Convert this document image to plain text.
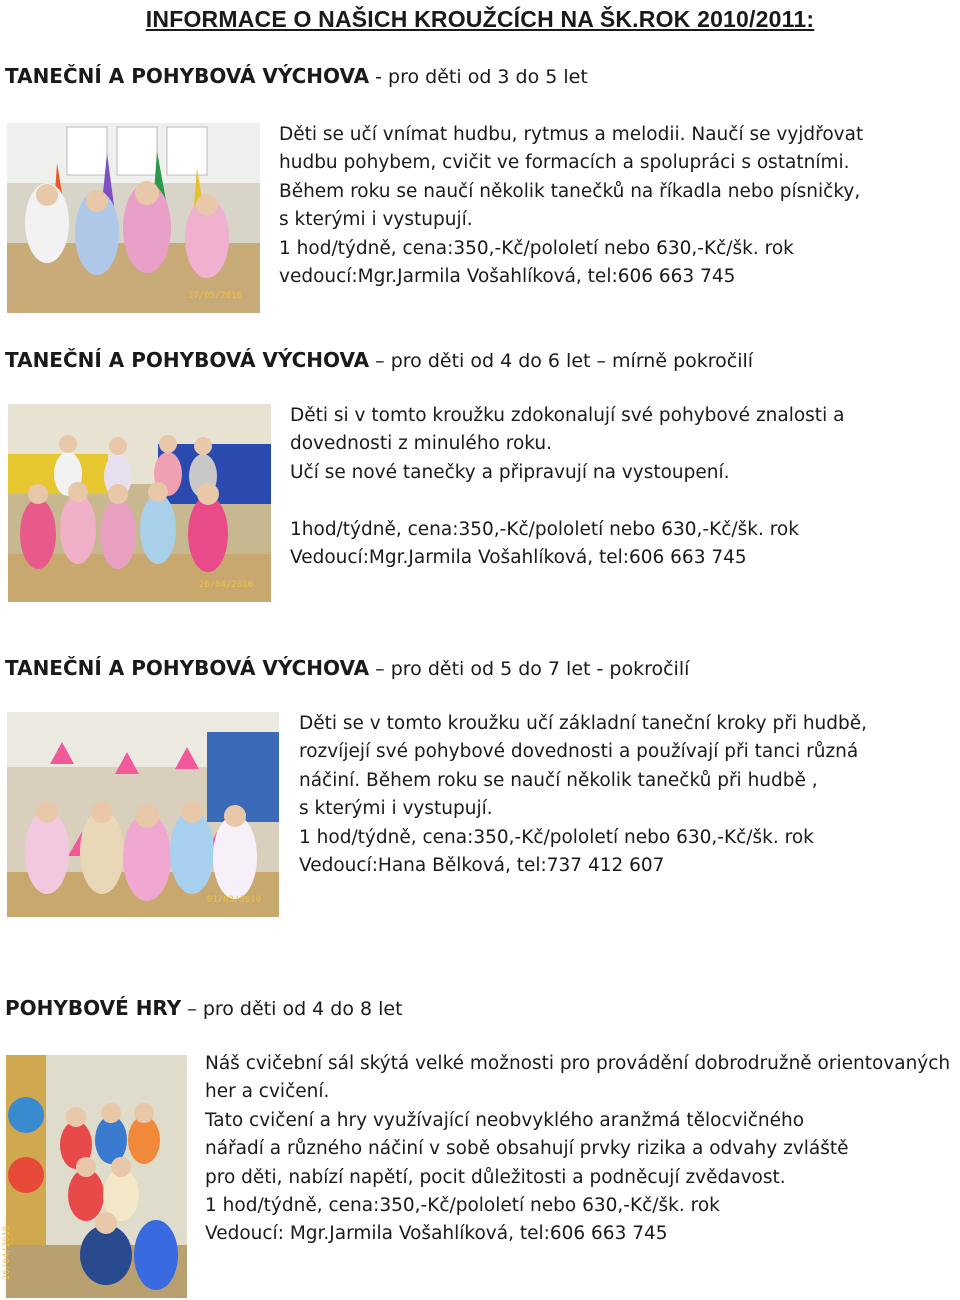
INFORMACE O NAŠICH KROUŽCÍCH NA ŠK.ROK 2010/2011:
TANEČNÍ A POHYBOVÁ VÝCHOVA - pro děti od 3 do 5 let
17/05/2010
Děti se učí vnímat hudbu, rytmus a melodii. Naučí se vyjdřovat
hudbu pohybem, cvičit ve formacích a spolupráci s ostatními.
Během roku se naučí několik tanečků na říkadla nebo písničky,
s kterými i vystupují.
1 hod/týdně, cena:350,-Kč/pololetí nebo 630,-Kč/šk. rok
vedoucí:Mgr.Jarmila Vošahlíková, tel:606 663 745
TANEČNÍ A POHYBOVÁ VÝCHOVA – pro děti od 4 do 6 let – mírně pokročilí
26/04/2010
Děti si v tomto kroužku zdokonalují své pohybové znalosti a
dovednosti z minulého roku.
Učí se nové tanečky a připravují na vystoupení.
1hod/týdně, cena:350,-Kč/pololetí nebo 630,-Kč/šk. rok
Vedoucí:Mgr.Jarmila Vošahlíková, tel:606 663 745
TANEČNÍ A POHYBOVÁ VÝCHOVA – pro děti od 5 do 7 let - pokročilí
01/03/2010
Děti se v tomto kroužku učí základní taneční kroky při hudbě,
rozvíjejí své pohybové dovednosti a používají při tanci různá
náčiní. Během roku se naučí několik tanečků při hudbě ,
s kterými i vystupují.
1 hod/týdně, cena:350,-Kč/pololetí nebo 630,-Kč/šk. rok
Vedoucí:Hana Bělková, tel:737 412 607
POHYBOVÉ HRY – pro děti od 4 do 8 let
26/04/2010
Náš cvičební sál skýtá velké možnosti pro provádění dobrodružně orientovaných
her a cvičení.
Tato cvičení a hry využívající neobvyklého aranžmá tělocvičného
nářadí a různého náčiní v sobě obsahují prvky rizika a odvahy zvláště
pro děti, nabízí napětí, pocit důležitosti a podněcují zvědavost.
1 hod/týdně, cena:350,-Kč/pololetí nebo 630,-Kč/šk. rok
Vedoucí: Mgr.Jarmila Vošahlíková, tel:606 663 745
